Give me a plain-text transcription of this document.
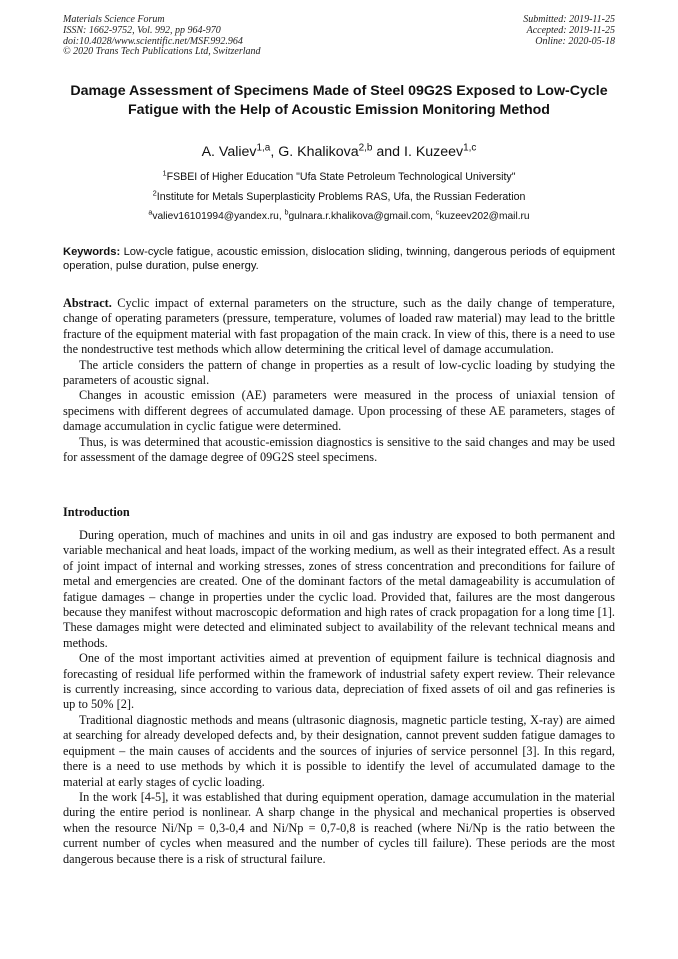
Materials Science Forum
ISSN: 1662-9752, Vol. 992, pp 964-970
doi:10.4028/www.scientific.net/MSF.992.964
© 2020 Trans Tech Publications Ltd, Switzerland
Submitted: 2019-11-25
Accepted: 2019-11-25
Online: 2020-05-18
Damage Assessment of Specimens Made of Steel 09G2S Exposed to Low-Cycle Fatigue with the Help of Acoustic Emission Monitoring Method
A. Valiev$^{1,a}$, G. Khalikova$^{2,b}$ and I. Kuzeev$^{1,c}$
$^1$FSBEI of Higher Education "Ufa State Petroleum Technological University"
$^2$Institute for Metals Superplasticity Problems RAS, Ufa, the Russian Federation
$^a$valiev16101994@yandex.ru, $^b$gulnara.r.khalikova@gmail.com, $^c$kuzeev202@mail.ru
Keywords: Low-cycle fatigue, acoustic emission, dislocation sliding, twinning, dangerous periods of equipment operation, pulse duration, pulse energy.

Abstract. Cyclic impact of external parameters on the structure, such as the daily change of temperature, change of operating parameters (pressure, temperature, volumes of loaded raw material) may lead to the brittle fracture of the equipment material with fast propagation of the main crack. In view of this, there is a need to use the nondestructive test methods which allow determining the critical level of damage accumulation.

The article considers the pattern of change in properties as a result of low-cyclic loading by studying the parameters of acoustic signal.

Changes in acoustic emission (AE) parameters were measured in the process of uniaxial tension of specimens with different degrees of accumulated damage. Upon processing of these AE parameters, stages of damage accumulation in cyclic fatigue were determined.

Thus, is was determined that acoustic-emission diagnostics is sensitive to the said changes and may be used for assessment of the damage degree of 09G2S steel specimens.

Introduction

During operation, much of machines and units in oil and gas industry are exposed to both permanent and variable mechanical and heat loads, impact of the working medium, as well as their integrated effect. As a result of joint impact of internal and working stresses, zones of stress concentration and preconditions for failure of metal and emergencies are created. One of the dominant factors of the metal damageability is accumulation of fatigue damages – change in properties under the cyclic load. Provided that, failures are the most dangerous because they manifest without macroscopic deformation and high rates of crack propagation for a long time [1]. These damages might were detected and eliminated subject to availability of the relevant technical means and methods.

One of the most important activities aimed at prevention of equipment failure is technical diagnosis and forecasting of residual life performed within the framework of industrial safety expert review. Their relevance is currently increasing, since according to various data, depreciation of fixed assets of oil and gas refineries is up to 50% [2].

Traditional diagnostic methods and means (ultrasonic diagnosis, magnetic particle testing, X-ray) are aimed at searching for already developed defects and, by their designation, cannot prevent sudden fatigue damages to equipment – the main causes of accidents and the sources of injuries of service personnel [3]. In this regard, there is a need to use methods by which it is possible to identify the level of accumulated damage to the material at early stages of cyclic loading.

In the work [4-5], it was established that during equipment operation, damage accumulation in the material during the entire period is nonlinear. A sharp change in the physical and mechanical properties is observed when the resource Ni/Np = 0,3-0,4 and Ni/Np = 0,7-0,8 is reached (where Ni/Np is the ratio between the current number of cycles when measured and the number of cycles till failure). These periods are the most dangerous because there is a risk of structural failure.
